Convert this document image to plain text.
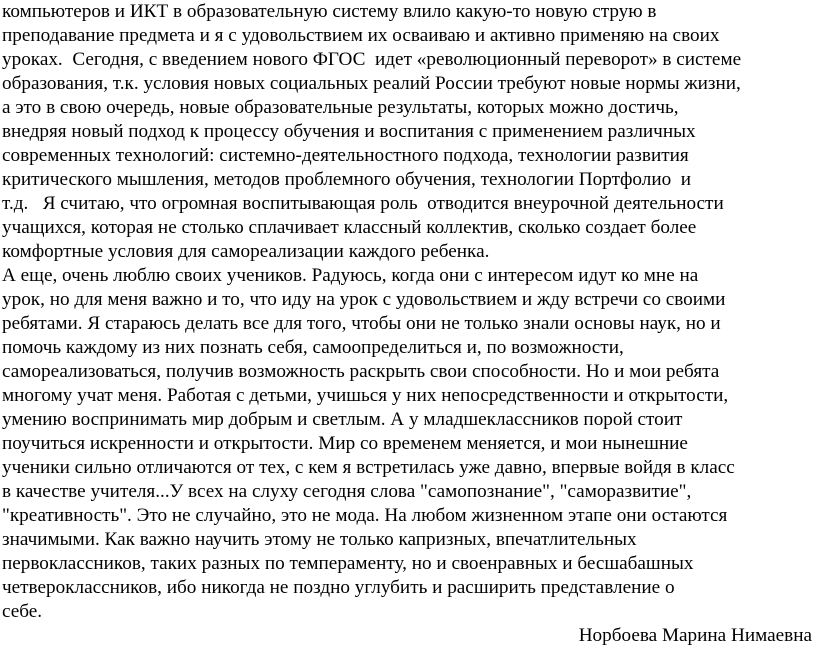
компьютеров и ИКТ в образовательную систему влило какую-то новую струю в
преподавание предмета и я с удовольствием их осваиваю и активно применяю на своих
уроках.  Сегодня, с введением нового ФГОС  идет «революционный переворот» в системе
образования, т.к. условия новых социальных реалий России требуют новые нормы жизни,
а это в свою очередь, новые образовательные результаты, которых можно достичь,
внедряя новый подход к процессу обучения и воспитания с применением различных
современных технологий: системно-деятельностного подхода, технологии развития
критического мышления, методов проблемного обучения, технологии Портфолио  и
т.д.   Я считаю, что огромная воспитывающая роль  отводится внеурочной деятельности
учащихся, которая не столько сплачивает классный коллектив, сколько создает более
комфортные условия для самореализации каждого ребенка.
А еще, очень люблю своих учеников. Радуюсь, когда они с интересом идут ко мне на
урок, но для меня важно и то, что иду на урок с удовольствием и жду встречи со своими
ребятами. Я стараюсь делать все для того, чтобы они не только знали основы наук, но и
помочь каждому из них познать себя, самоопределиться и, по возможности,
самореализоваться, получив возможность раскрыть свои способности. Но и мои ребята
многому учат меня. Работая с детьми, учишься у них непосредственности и открытости,
умению воспринимать мир добрым и светлым. А у младшеклассников порой стоит
поучиться искренности и открытости. Мир со временем меняется, и мои нынешние
ученики сильно отличаются от тех, с кем я встретилась уже давно, впервые войдя в класс
в качестве учителя...У всех на слуху сегодня слова "самопознание", "саморазвитие",
"креативность". Это не случайно, это не мода. На любом жизненном этапе они остаются
значимыми. Как важно научить этому не только капризных, впечатлительных
первоклассников, таких разных по темпераменту, но и своенравных и бесшабашных
четвероклассников, ибо никогда не поздно углубить и расширить представление о
себе.
Норбоева Марина Нимаевна
